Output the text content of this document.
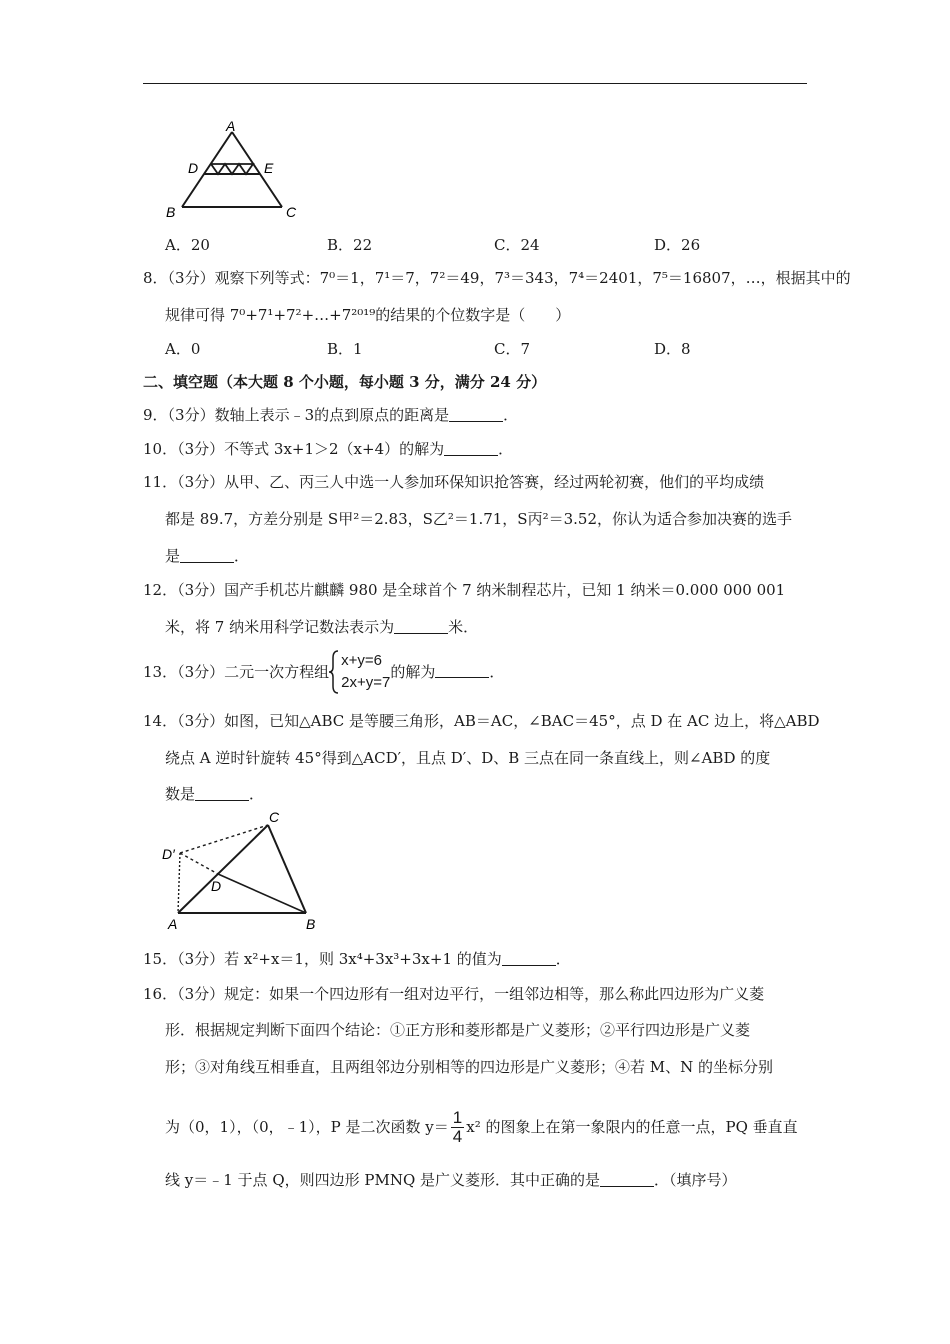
A
D	E
B	C
A．20	B．22	C．24	D．26
8．（3分）观察下列等式：7⁰＝1，7¹＝7，7²＝49，7³＝343，7⁴＝2401，7⁵＝16807，…，根据其中的
规律可得 7⁰+7¹+7²+…+7²⁰¹⁹的结果的个位数字是（　　）
A．0	B．1	C．7	D．8
二、填空题（本大题 8 个小题，每小题 3 分，满分 24 分）
9．（3分）数轴上表示﹣3的点到原点的距离是	．
10．（3分）不等式 3x+1＞2（x+4）的解为	．
11．（3分）从甲、乙、丙三人中选一人参加环保知识抢答赛，经过两轮初赛，他们的平均成绩
都是 89.7，方差分别是 S甲²＝2.83，S乙²＝1.71，S丙²＝3.52，你认为适合参加决赛的选手
是	．
12．（3分）国产手机芯片麒麟 980 是全球首个 7 纳米制程芯片，已知 1 纳米＝0.000 000 001
米，将 7 纳米用科学记数法表示为	米．
13．（3分）二元一次方程组
x+y=6
2x+y=7
的解为	．
14．（3分）如图，已知△ABC 是等腰三角形，AB＝AC，∠BAC＝45°，点 D 在 AC 边上，将△ABD
绕点 A 逆时针旋转 45°得到△ACD′，且点 D′、D、B 三点在同一条直线上，则∠ABD 的度
数是	．
C
D′
D
A	B
15．（3分）若 x²+x＝1，则 3x⁴+3x³+3x+1 的值为	．
16．（3分）规定：如果一个四边形有一组对边平行，一组邻边相等，那么称此四边形为广义菱
形．根据规定判断下面四个结论：①正方形和菱形都是广义菱形；②平行四边形是广义菱
形；③对角线互相垂直，且两组邻边分别相等的四边形是广义菱形；④若 M、N 的坐标分别
为（0，1），（0，﹣1），P 是二次函数 $y= \frac{1}{4} x^2$ 的图象上在第一象限内的任意一点，PQ 垂直直
线 y＝﹣1 于点 Q，则四边形 PMNQ 是广义菱形．其中正确的是	．（填序号）
